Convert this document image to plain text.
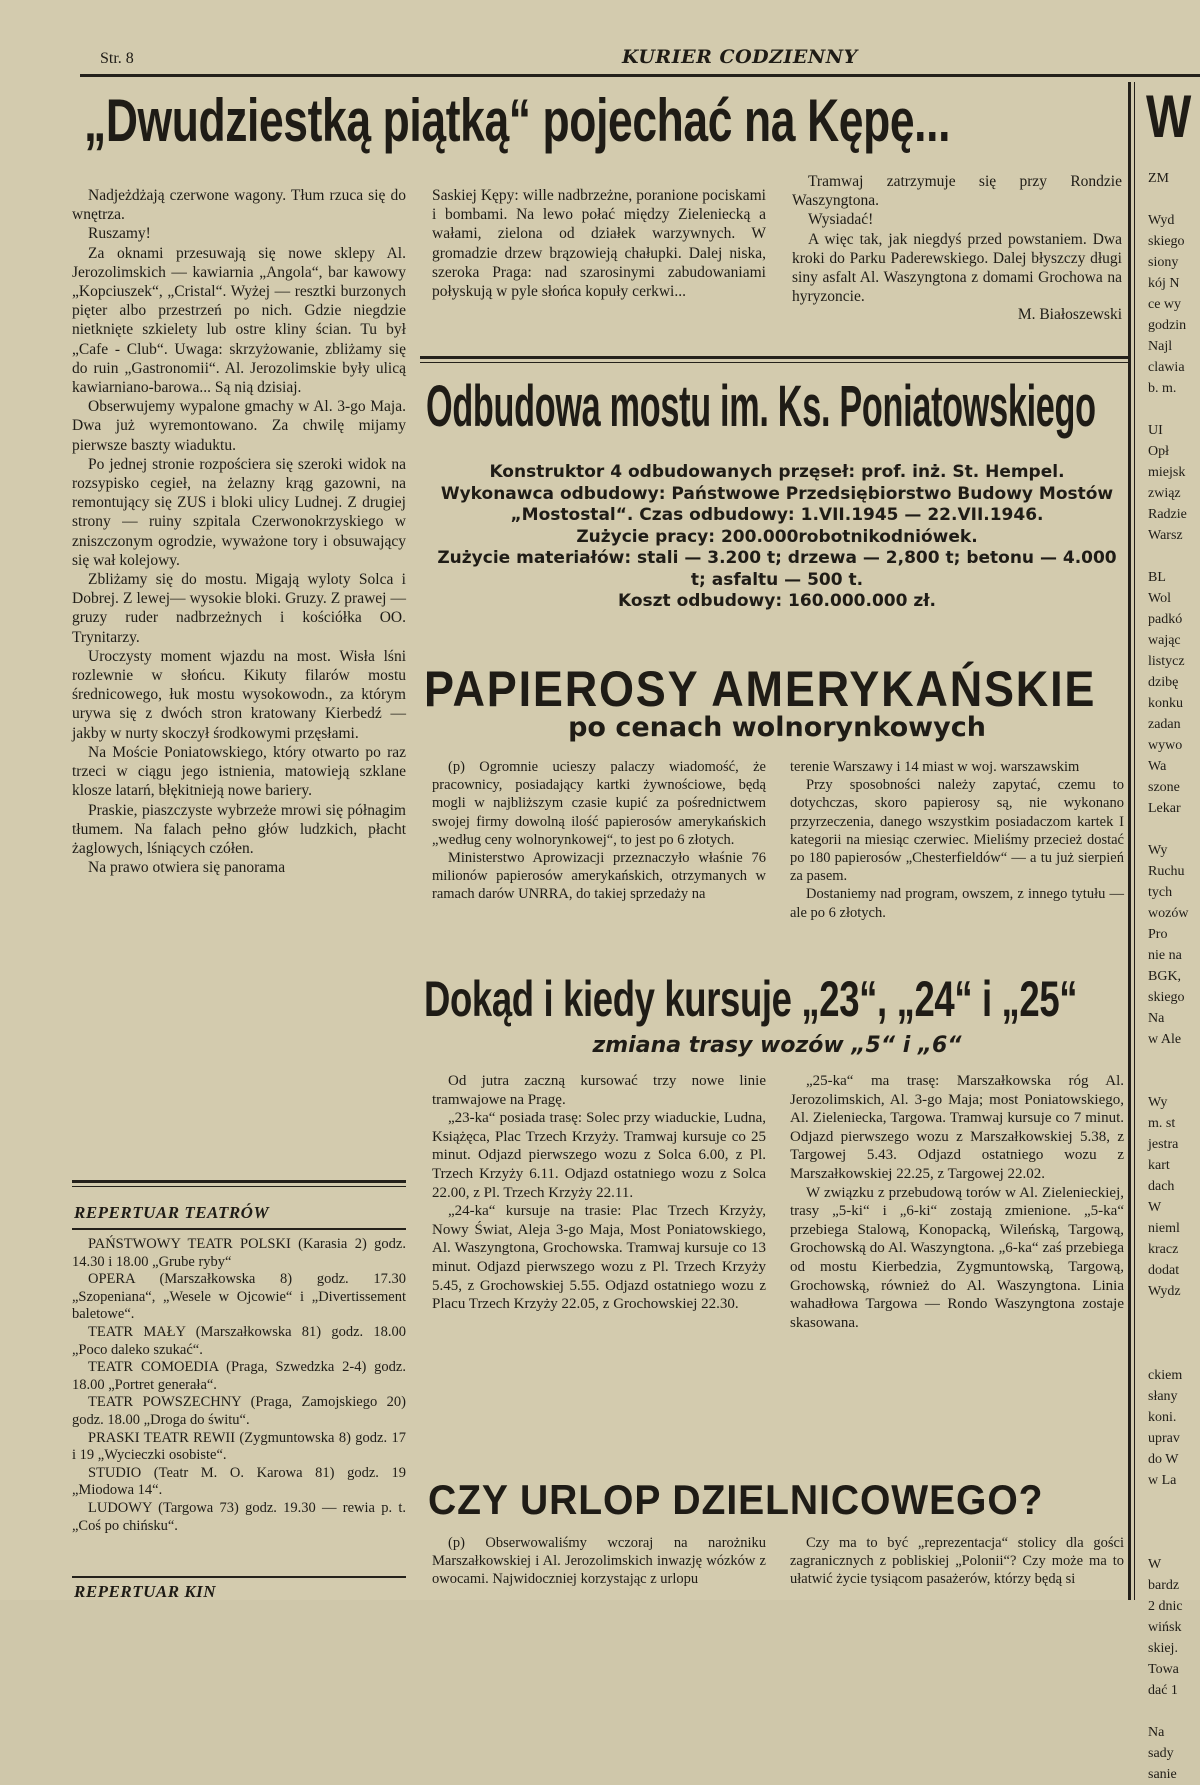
Str. 8	KURIER CODZIENNY
„Dwudziestką piątką“ pojechać na Kępę...

Nadjeżdżają czerwone wagony. Tłum rzuca się do wnętrza.

Ruszamy!

Za oknami przesuwają się nowe sklepy Al. Jerozolimskich — kawiarnia „Angola“, bar kawowy „Kopciuszek“, „Cristal“. Wyżej — resztki burzonych pięter albo przestrzeń po nich. Gdzie niegdzie nietknięte szkielety lub ostre kliny ścian. Tu był „Cafe - Club“. Uwaga: skrzyżowanie, zbliżamy się do ruin „Gastronomii“. Al. Jerozolimskie były ulicą kawiarniano-barowa... Są nią dzisiaj.

Obserwujemy wypalone gmachy w Al. 3-go Maja. Dwa już wyremontowano. Za chwilę mijamy pierwsze baszty wiaduktu.

Po jednej stronie rozpościera się szeroki widok na rozsypisko cegieł, na żelazny krąg gazowni, na remontujący się ZUS i bloki ulicy Ludnej. Z drugiej strony — ruiny szpitala Czerwonokrzyskiego w zniszczonym ogrodzie, wyważone tory i obsuwający się wał kolejowy.

Zbliżamy się do mostu. Migają wyloty Solca i Dobrej. Z lewej— wysokie bloki. Gruzy. Z prawej — gruzy ruder nadbrzeżnych i kościółka OO. Trynitarzy.

Uroczysty moment wjazdu na most. Wisła lśni rozlewnie w słońcu. Kikuty filarów mostu średnicowego, łuk mostu wysokowodn., za którym urywa się z dwóch stron kratowany Kierbedź — jakby w nurty skoczył środkowymi przęsłami.

Na Moście Poniatowskiego, który otwarto po raz trzeci w ciągu jego istnienia, matowieją szklane klosze latarń, błękitnieją nowe bariery.

Praskie, piaszczyste wybrzeże mrowi się półnagim tłumem. Na falach pełno głów ludzkich, płacht żaglowych, lśniących czółen.

Na prawo otwiera się panorama

Saskiej Kępy: wille nadbrzeżne, poranione pociskami i bombami. Na lewo połać między Zieleniecką a wałami, zielona od działek warzywnych. W gromadzie drzew brązowieją chałupki. Dalej niska, szeroka Praga: nad szarosinymi zabudowaniami połyskują w pyle słońca kopuły cerkwi...

Tramwaj zatrzymuje się przy Rondzie Waszyngtona.

Wysiadać!

A więc tak, jak niegdyś przed powstaniem. Dwa kroki do Parku Paderewskiego. Dalej błyszczy długi siny asfalt Al. Waszyngtona z domami Grochowa na hyryzoncie.

M. Białoszewski

Odbudowa mostu im. Ks. Poniatowskiego
Konstruktor 4 odbudowanych przęseł: prof. inż. St. Hempel. Wykonawca odbudowy: Państwowe Przedsiębiorstwo Budowy Mostów „Mostostal“. Czas odbudowy: 1.VII.1945 — 22.VII.1946.
Zużycie pracy: 200.000robotnikodniówek.
Zużycie materiałów: stali — 3.200 t; drzewa — 2,800 t; betonu — 4.000 t; asfaltu — 500 t.
Koszt odbudowy: 160.000.000 zł.
PAPIEROSY AMERYKAŃSKIE
po cenach wolnorynkowych

(p) Ogromnie ucieszy palaczy wiadomość, że pracownicy, posiadający kartki żywnościowe, będą mogli w najbliższym czasie kupić za pośrednictwem swojej firmy dowolną ilość papierosów amerykańskich „według ceny wolnorynkowej“, to jest po 6 złotych.

Ministerstwo Aprowizacji przeznaczyło właśnie 76 milionów papierosów amerykańskich, otrzymanych w ramach darów UNRRA, do takiej sprzedaży na

terenie Warszawy i 14 miast w woj. warszawskim

Przy sposobności należy zapytać, czemu to dotychczas, skoro papierosy są, nie wykonano przyrzeczenia, danego wszystkim posiadaczom kartek I kategorii na miesiąc czerwiec. Mieliśmy przecież dostać po 180 papierosów „Chesterfieldów“ — a tu już sierpień za pasem.

Dostaniemy nad program, owszem, z innego tytułu — ale po 6 złotych.

Dokąd i kiedy kursuje „23“, „24“ i „25“
zmiana trasy wozów „5“ i „6“

Od jutra zaczną kursować trzy nowe linie tramwajowe na Pragę.

„23-ka“ posiada trasę: Solec przy wiaduckie, Ludna, Książęca, Plac Trzech Krzyży. Tramwaj kursuje co 25 minut. Odjazd pierwszego wozu z Solca 6.00, z Pl. Trzech Krzyży 6.11. Odjazd ostatniego wozu z Solca 22.00, z Pl. Trzech Krzyży 22.11.

„24-ka“ kursuje na trasie: Plac Trzech Krzyży, Nowy Świat, Aleja 3-go Maja, Most Poniatowskiego, Al. Waszyngtona, Grochowska. Tramwaj kursuje co 13 minut. Odjazd pierwszego wozu z Pl. Trzech Krzyży 5.45, z Grochowskiej 5.55. Odjazd ostatniego wozu z Placu Trzech Krzyży 22.05, z Grochowskiej 22.30.

„25-ka“ ma trasę: Marszałkowska róg Al. Jerozolimskich, Al. 3-go Maja; most Poniatowskiego, Al. Zieleniecka, Targowa. Tramwaj kursuje co 7 minut. Odjazd pierwszego wozu z Marszałkowskiej 5.38, z Targowej 5.43. Odjazd ostatniego wozu z Marszałkowskiej 22.25, z Targowej 22.02.

W związku z przebudową torów w Al. Zielenieckiej, trasy „5-ki“ i „6-ki“ zostają zmienione. „5-ka“ przebiega Stalową, Konopacką, Wileńską, Targową, Grochowską do Al. Waszyngtona. „6-ka“ zaś przebiega od mostu Kierbedzia, Zygmuntowską, Targową, Grochowską, również do Al. Waszyngtona. Linia wahadłowa Targowa — Rondo Waszyngtona zostaje skasowana.

CZY URLOP DZIELNICOWEGO?

(p) Obserwowaliśmy wczoraj na narożniku Marszałkowskiej i Al. Jerozolimskich inwazję wózków z owocami. Najwidoczniej korzystając z urlopu

Czy ma to być „reprezentacja“ stolicy dla gości zagranicznych z pobliskiej „Polonii“? Czy może ma to ułatwić życie tysiącom pasażerów, którzy będą si

REPERTUAR TEATRÓW

PAŃSTWOWY TEATR POLSKI (Karasia 2) godz. 14.30 i 18.00 „Grube ryby“

OPERA (Marszałkowska 8) godz. 17.30 „Szopeniana“, „Wesele w Ojcowie“ i „Divertissement baletowe“.

TEATR MAŁY (Marszałkowska 81) godz. 18.00 „Poco daleko szukać“.

TEATR COMOEDIA (Praga, Szwedzka 2-4) godz. 18.00 „Portret generała“.

TEATR POWSZECHNY (Praga, Zamojskiego 20) godz. 18.00 „Droga do świtu“.

PRASKI TEATR REWII (Zygmuntowska 8) godz. 17 i 19 „Wycieczki osobiste“.

STUDIO (Teatr M. O. Karowa 81) godz. 19 „Miodowa 14“.

LUDOWY (Targowa 73) godz. 19.30 — rewia p. t. „Coś po chińsku“.

REPERTUAR KIN
W
ZM

Wyd
skiego
siony
kój N
ce wy
godzin
Najl
clawia
b. m.

UI
Opł
miejsk
związ
Radzie
Warsz

BL
Wol
padkó
wając
listycz
dzibę
konku
zadan
wywo
Wa
szone
Lekar

Wy
Ruchu
tych
wozów
Pro
nie na
BGK,
skiego
Na
w Ale

Wy
m. st
jestra
kart
dach
W
nieml
kracz
dodat
Wydz

ckiem
słany
koni.
uprav
do W
w La

W
bardz
2 dnic
wińsk
skiej.
Towa
dać 1

Na
sady
sanie
